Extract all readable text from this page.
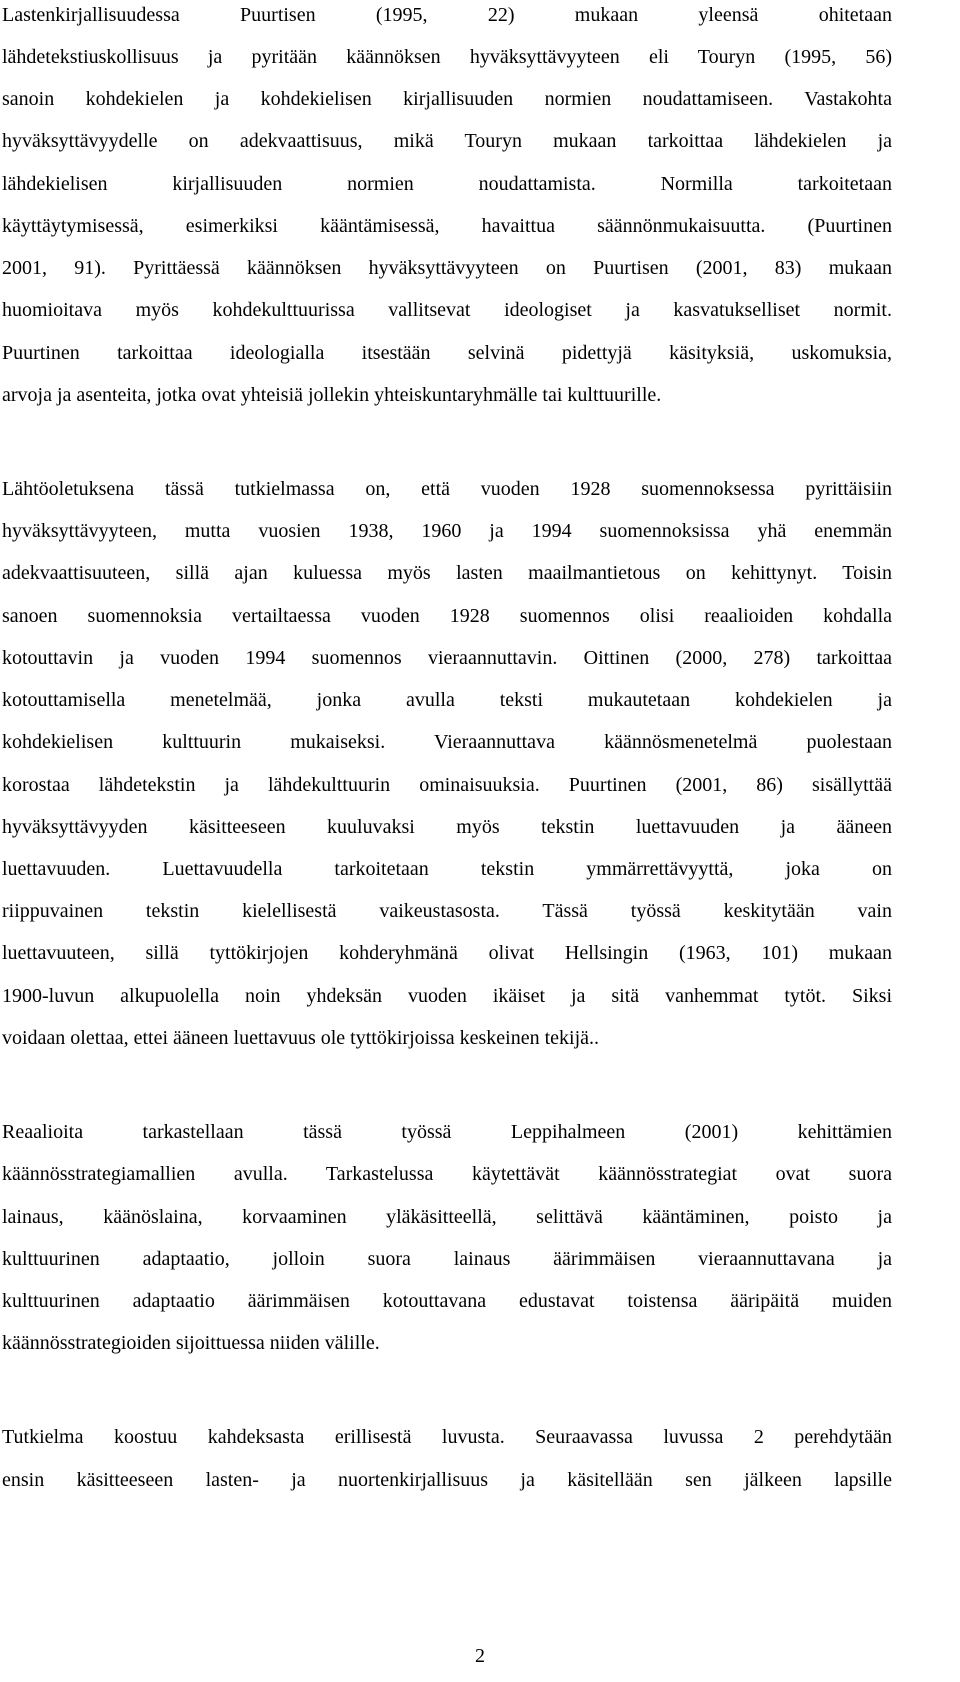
Lastenkirjallisuudessa Puurtisen (1995, 22) mukaan yleensä ohitetaan
lähdetekstiuskollisuus ja pyritään käännöksen hyväksyttävyyteen eli Touryn (1995, 56)
sanoin kohdekielen ja kohdekielisen kirjallisuuden normien noudattamiseen. Vastakohta
hyväksyttävyydelle on adekvaattisuus, mikä Touryn mukaan tarkoittaa lähdekielen ja
lähdekielisen kirjallisuuden normien noudattamista. Normilla tarkoitetaan
käyttäytymisessä, esimerkiksi kääntämisessä, havaittua säännönmukaisuutta. (Puurtinen
2001, 91). Pyrittäessä käännöksen hyväksyttävyyteen on Puurtisen (2001, 83) mukaan
huomioitava myös kohdekulttuurissa vallitsevat ideologiset ja kasvatukselliset normit.
Puurtinen tarkoittaa ideologialla itsestään selvinä pidettyjä käsityksiä, uskomuksia,
arvoja ja asenteita, jotka ovat yhteisiä jollekin yhteiskuntaryhmälle tai kulttuurille.
Lähtöoletuksena tässä tutkielmassa on, että vuoden 1928 suomennoksessa pyrittäisiin
hyväksyttävyyteen, mutta vuosien 1938, 1960 ja 1994 suomennoksissa yhä enemmän
adekvaattisuuteen, sillä ajan kuluessa myös lasten maailmantietous on kehittynyt. Toisin
sanoen suomennoksia vertailtaessa vuoden 1928 suomennos olisi reaalioiden kohdalla
kotouttavin ja vuoden 1994 suomennos vieraannuttavin. Oittinen (2000, 278) tarkoittaa
kotouttamisella menetelmää, jonka avulla teksti mukautetaan kohdekielen ja
kohdekielisen kulttuurin mukaiseksi. Vieraannuttava käännösmenetelmä puolestaan
korostaa lähdetekstin ja lähdekulttuurin ominaisuuksia. Puurtinen (2001, 86) sisällyttää
hyväksyttävyyden käsitteeseen kuuluvaksi myös tekstin luettavuuden ja ääneen
luettavuuden. Luettavuudella tarkoitetaan tekstin ymmärrettävyyttä, joka on
riippuvainen tekstin kielellisestä vaikeustasosta. Tässä työssä keskitytään vain
luettavuuteen, sillä tyttökirjojen kohderyhmänä olivat Hellsingin (1963, 101) mukaan
1900-luvun alkupuolella noin yhdeksän vuoden ikäiset ja sitä vanhemmat tytöt. Siksi
voidaan olettaa, ettei ääneen luettavuus ole tyttökirjoissa keskeinen tekijä..
Reaalioita tarkastellaan tässä työssä Leppihalmeen (2001) kehittämien
käännösstrategiamallien avulla. Tarkastelussa käytettävät käännösstrategiat ovat suora
lainaus, käänöslaina, korvaaminen yläkäsitteellä, selittävä kääntäminen, poisto ja
kulttuurinen adaptaatio, jolloin suora lainaus äärimmäisen vieraannuttavana ja
kulttuurinen adaptaatio äärimmäisen kotouttavana edustavat toistensa ääripäitä muiden
käännösstrategioiden sijoittuessa niiden välille.
Tutkielma koostuu kahdeksasta erillisestä luvusta. Seuraavassa luvussa 2 perehdytään
ensin käsitteeseen lasten- ja nuortenkirjallisuus ja käsitellään sen jälkeen lapsille
2
